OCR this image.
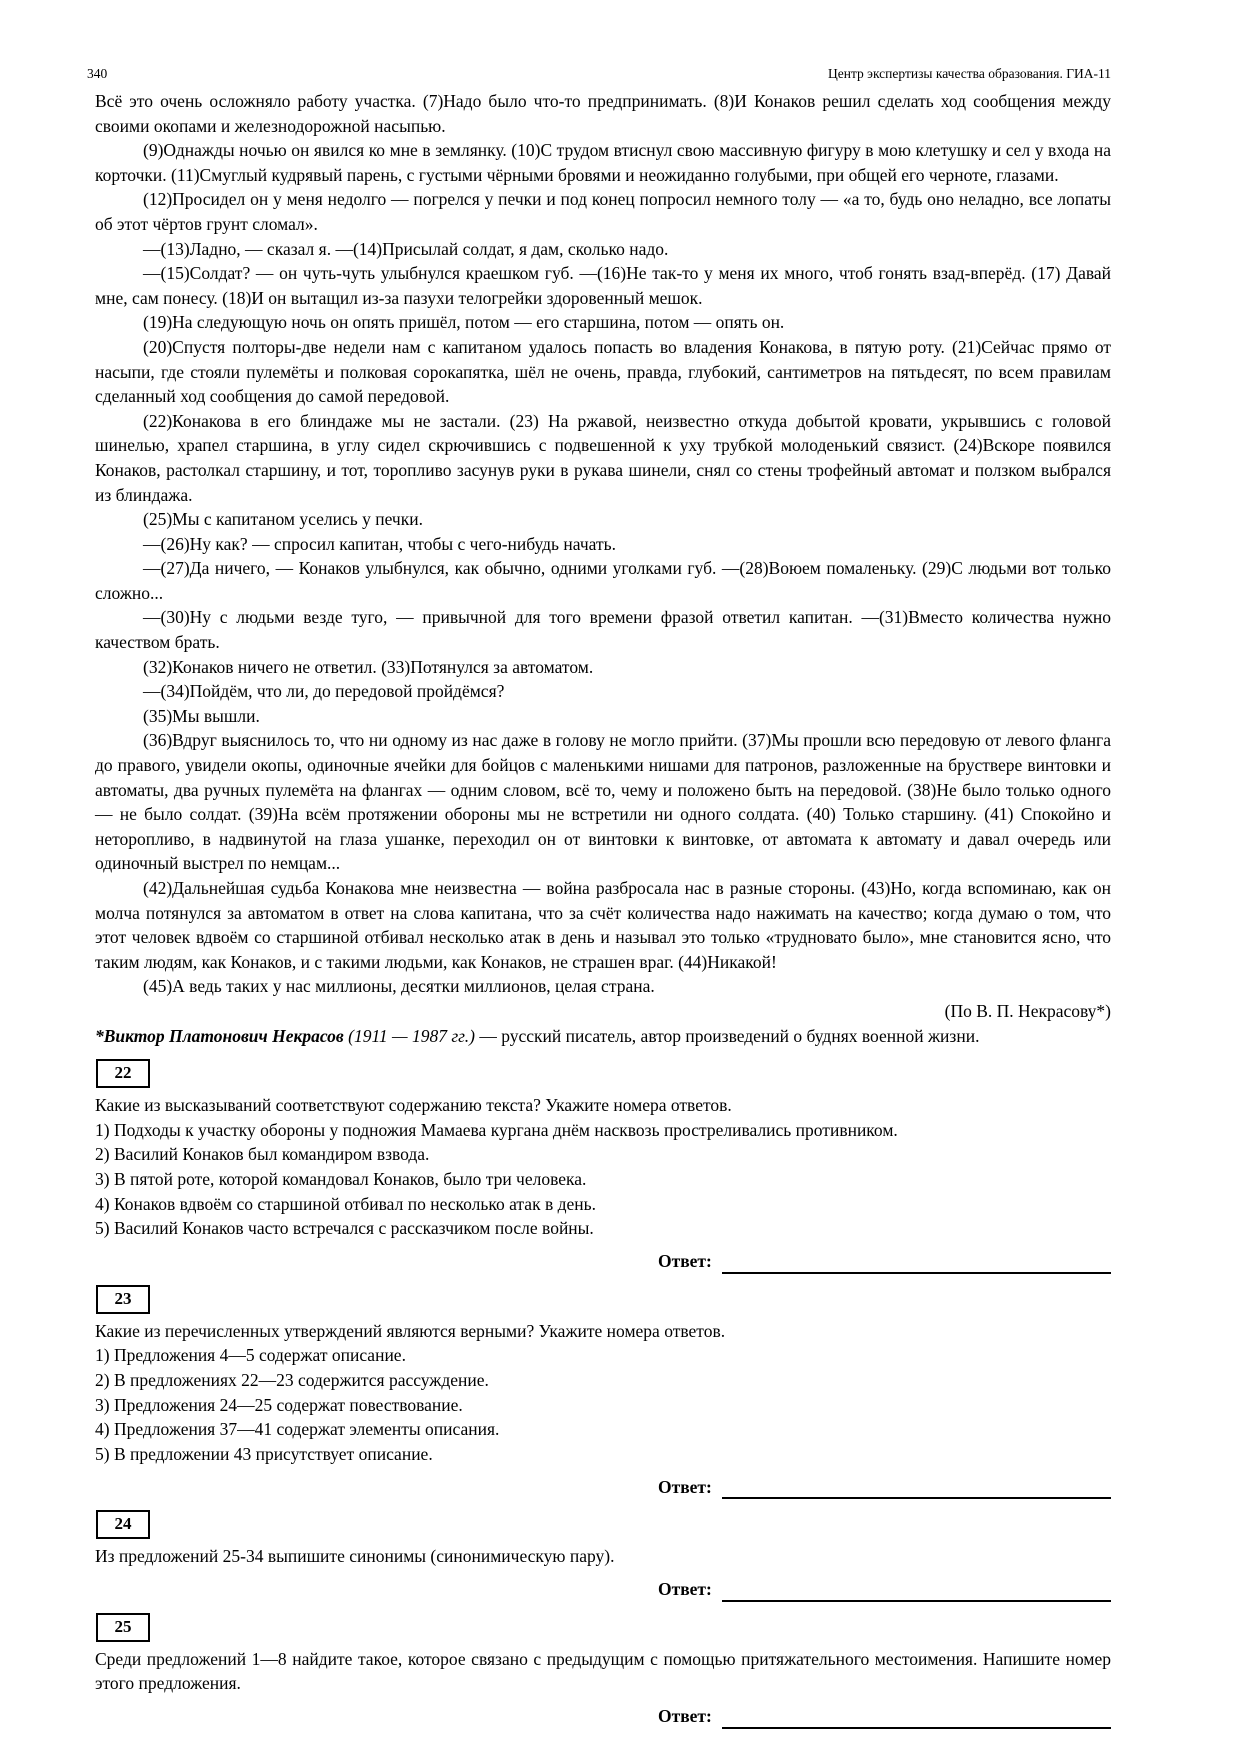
340	Центр экспертизы качества образования. ГИА-11

Всё это очень осложняло работу участка. (7)Надо было что-то предпринимать. (8)И Конаков решил сделать ход сообщения между своими окопами и железнодорожной насыпью.

(9)Однажды ночью он явился ко мне в землянку. (10)С трудом втиснул свою массивную фигуру в мою клетушку и сел у входа на корточки. (11)Смуглый кудрявый парень, с густыми чёрными бровями и неожиданно голубыми, при общей его черноте, глазами.

(12)Просидел он у меня недолго — погрелся у печки и под конец попросил немного толу — «а то, будь оно неладно, все лопаты об этот чёртов грунт сломал».

—(13)Ладно, — сказал я. —(14)Присылай солдат, я дам, сколько надо.

—(15)Солдат? — он чуть-чуть улыбнулся краешком губ. —(16)Не так-то у меня их много, чтоб гонять взад-вперёд. (17) Давай мне, сам понесу. (18)И он вытащил из-за пазухи телогрейки здоровенный мешок.

(19)На следующую ночь он опять пришёл, потом — его старшина, потом — опять он.

(20)Спустя полторы-две недели нам с капитаном удалось попасть во владения Конакова, в пятую роту. (21)Сейчас прямо от насыпи, где стояли пулемёты и полковая сорокапятка, шёл не очень, правда, глубокий, сантиметров на пятьдесят, по всем правилам сделанный ход сообщения до самой передовой.

(22)Конакова в его блиндаже мы не застали. (23) На ржавой, неизвестно откуда добытой кровати, укрывшись с головой шинелью, храпел старшина, в углу сидел скрючившись с подвешенной к уху трубкой молоденький связист. (24)Вскоре появился Конаков, растолкал старшину, и тот, торопливо засунув руки в рукава шинели, снял со стены трофейный автомат и ползком выбрался из блиндажа.

(25)Мы с капитаном уселись у печки.

—(26)Ну как? — спросил капитан, чтобы с чего-нибудь начать.

—(27)Да ничего, — Конаков улыбнулся, как обычно, одними уголками губ. —(28)Воюем помаленьку. (29)С людьми вот только сложно...

—(30)Ну с людьми везде туго, — привычной для того времени фразой ответил капитан. —(31)Вместо количества нужно качеством брать.

(32)Конаков ничего не ответил. (33)Потянулся за автоматом.

—(34)Пойдём, что ли, до передовой пройдёмся?

(35)Мы вышли.

(36)Вдруг выяснилось то, что ни одному из нас даже в голову не могло прийти. (37)Мы прошли всю передовую от левого фланга до правого, увидели окопы, одиночные ячейки для бойцов с маленькими нишами для патронов, разложенные на бруствере винтовки и автоматы, два ручных пулемёта на флангах — одним словом, всё то, чему и положено быть на передовой. (38)Не было только одного — не было солдат. (39)На всём протяжении обороны мы не встретили ни одного солдата. (40) Только старшину. (41) Спокойно и неторопливо, в надвинутой на глаза ушанке, переходил он от винтовки к винтовке, от автомата к автомату и давал очередь или одиночный выстрел по немцам...

(42)Дальнейшая судьба Конакова мне неизвестна — война разбросала нас в разные стороны. (43)Но, когда вспоминаю, как он молча потянулся за автоматом в ответ на слова капитана, что за счёт количества надо нажимать на качество; когда думаю о том, что этот человек вдвоём со старшиной отбивал несколько атак в день и называл это только «трудновато было», мне становится ясно, что таким людям, как Конаков, и с такими людьми, как Конаков, не страшен враг. (44)Никакой!

(45)А ведь таких у нас миллионы, десятки миллионов, целая страна.

(По В. П. Некрасову*)

*Виктор Платонович Некрасов (1911 — 1987 гг.) — русский писатель, автор произведений о буднях военной жизни.

22

Какие из высказываний соответствуют содержанию текста? Укажите номера ответов.

1) Подходы к участку обороны у подножия Мамаева кургана днём насквозь простреливались противником.

2) Василий Конаков был командиром взвода.

3) В пятой роте, которой командовал Конаков, было три человека.

4) Конаков вдвоём со старшиной отбивал по несколько атак в день.

5) Василий Конаков часто встречался с рассказчиком после войны.

Ответ:
23

Какие из перечисленных утверждений являются верными? Укажите номера ответов.

1) Предложения 4—5 содержат описание.

2) В предложениях 22—23 содержится рассуждение.

3) Предложения 24—25 содержат повествование.

4) Предложения 37—41 содержат элементы описания.

5) В предложении 43 присутствует описание.

Ответ:
24

Из предложений 25-34 выпишите синонимы (синонимическую пару).

Ответ:
25

Среди предложений 1—8 найдите такое, которое связано с предыдущим с помощью притяжательного местоимения. Напишите номер этого предложения.

Ответ:
